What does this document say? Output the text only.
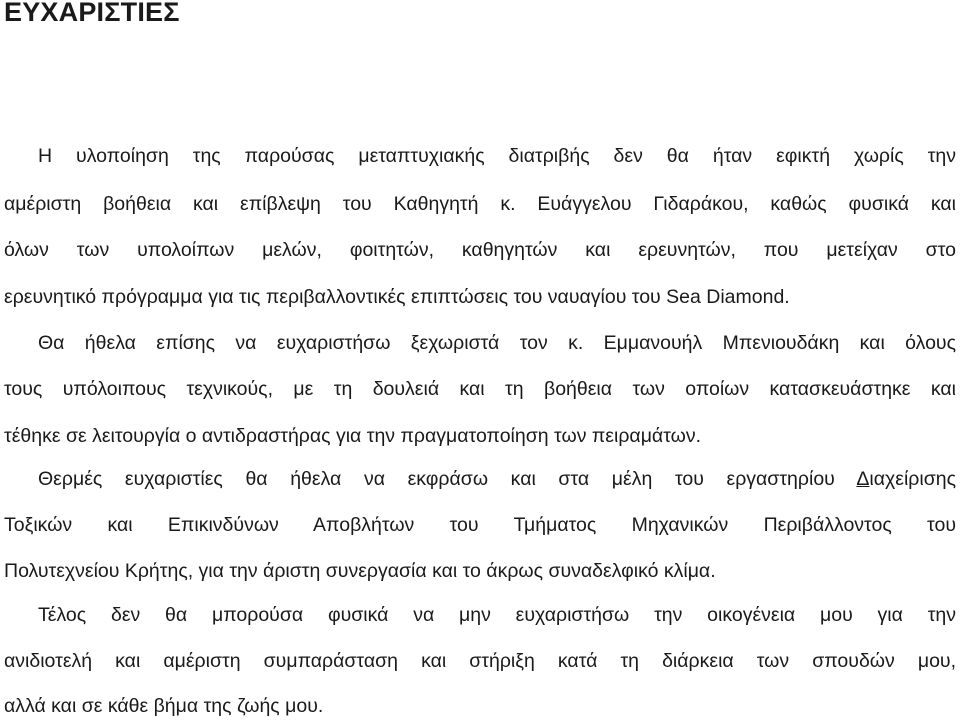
ΕΥΧΑΡΙΣΤΙΕΣ

Η υλοποίηση της παρούσας μεταπτυχιακής διατριβής δεν θα ήταν εφικτή χωρίς την

αμέριστη βοήθεια και επίβλεψη του Καθηγητή κ. Ευάγγελου Γιδαράκου, καθώς φυσικά και

όλων των υπολοίπων μελών, φοιτητών, καθηγητών και ερευνητών, που μετείχαν στο

ερευνητικό πρόγραμμα για τις περιβαλλοντικές επιπτώσεις του ναυαγίου του Sea Diamond.

Θα ήθελα επίσης να ευχαριστήσω ξεχωριστά τον κ. Εμμανουήλ Μπενιουδάκη και όλους

τους υπόλοιπους τεχνικούς, με τη δουλειά και τη βοήθεια των οποίων κατασκευάστηκε και

τέθηκε σε λειτουργία ο αντιδραστήρας για την πραγματοποίηση των πειραμάτων.

Θερμές ευχαριστίες θα ήθελα να εκφράσω και στα μέλη του εργαστηρίου Διαχείρισης

Τοξικών και Επικινδύνων Αποβλήτων του Τμήματος Μηχανικών Περιβάλλοντος του

Πολυτεχνείου Κρήτης, για την άριστη συνεργασία και το άκρως συναδελφικό κλίμα.

Τέλος δεν θα μπορούσα φυσικά να μην ευχαριστήσω την οικογένεια μου για την

ανιδιοτελή και αμέριστη συμπαράσταση και στήριξη κατά τη διάρκεια των σπουδών μου,

αλλά και σε κάθε βήμα της ζωής μου.
